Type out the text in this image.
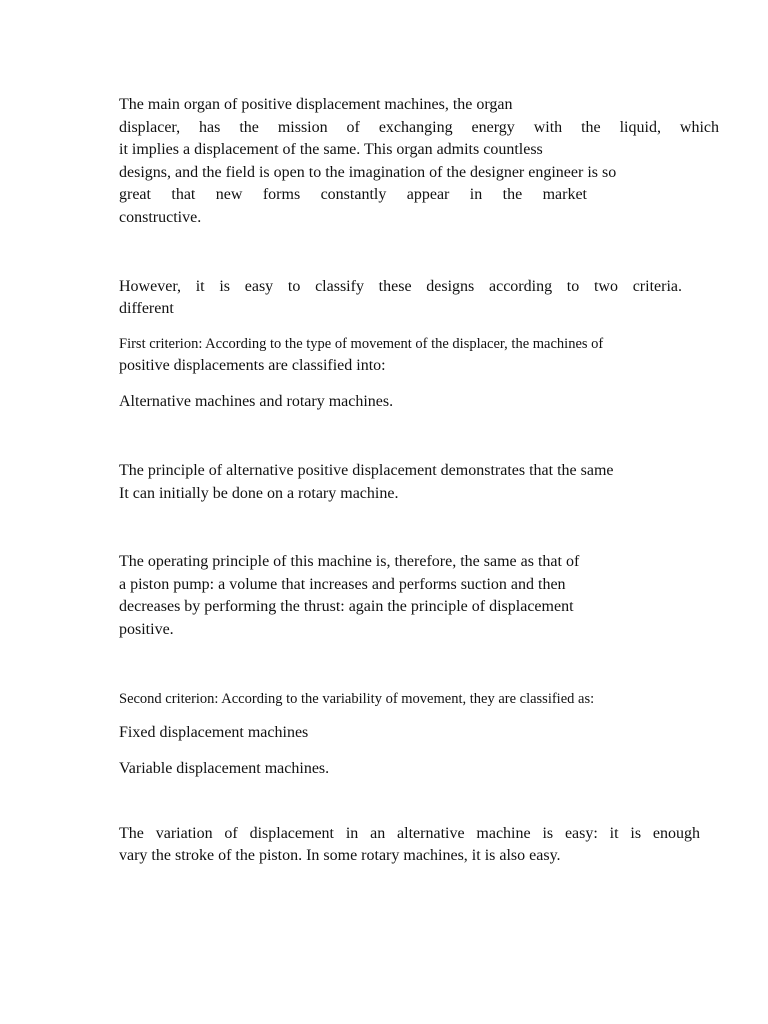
The main organ of positive displacement machines, the organ

displacer, has the mission of exchanging energy with the liquid, which

it implies a displacement of the same. This organ admits countless

designs, and the field is open to the imagination of the designer engineer is so

great that new forms constantly appear in the market

constructive.

However, it is easy to classify these designs according to two criteria.

different

First criterion: According to the type of movement of the displacer, the machines of

positive displacements are classified into:

Alternative machines and rotary machines.

The principle of alternative positive displacement demonstrates that the same

It can initially be done on a rotary machine.

The operating principle of this machine is, therefore, the same as that of

a piston pump: a volume that increases and performs suction and then

decreases by performing the thrust: again the principle of displacement

positive.

Second criterion: According to the variability of movement, they are classified as:

Fixed displacement machines

Variable displacement machines.

The variation of displacement in an alternative machine is easy: it is enough

vary the stroke of the piston. In some rotary machines, it is also easy.
